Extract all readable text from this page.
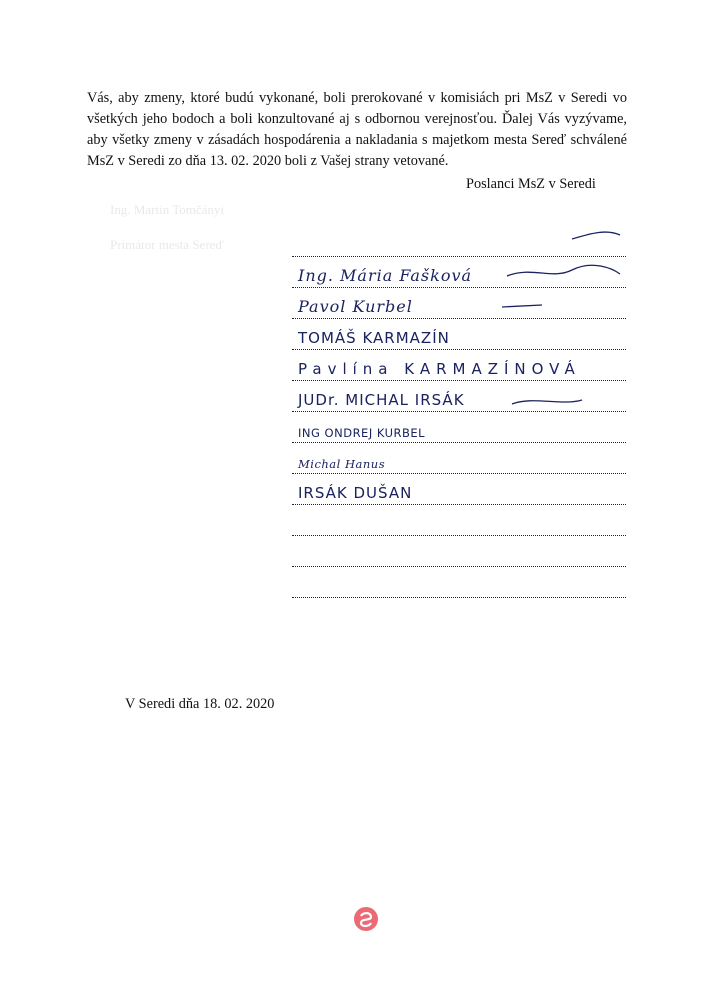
Ing. Martin Tomčányi
Primátor mesta Sereď
Vás, aby zmeny, ktoré budú vykonané, boli prerokované v komisiách pri MsZ v Seredi vo všetkých jeho bodoch a boli konzultované aj s odbornou verejnosťou. Ďalej Vás vyzývame, aby všetky zmeny v zásadách hospodárenia a nakladania s majetkom mesta Sereď schválené MsZ v Seredi zo dňa 13. 02. 2020 boli z Vašej strany vetované.
Poslanci MsZ v Seredi
Ing. Mária Fašková
Pavol Kurbel
TOMÁŠ KARMAZÍN
Pavlína KARMAZÍNOVÁ
JUDr. MICHAL IRSÁK
ING ONDREJ KURBEL
Michal Hanus
IRSÁK DUŠAN
V Seredi dňa 18. 02. 2020
